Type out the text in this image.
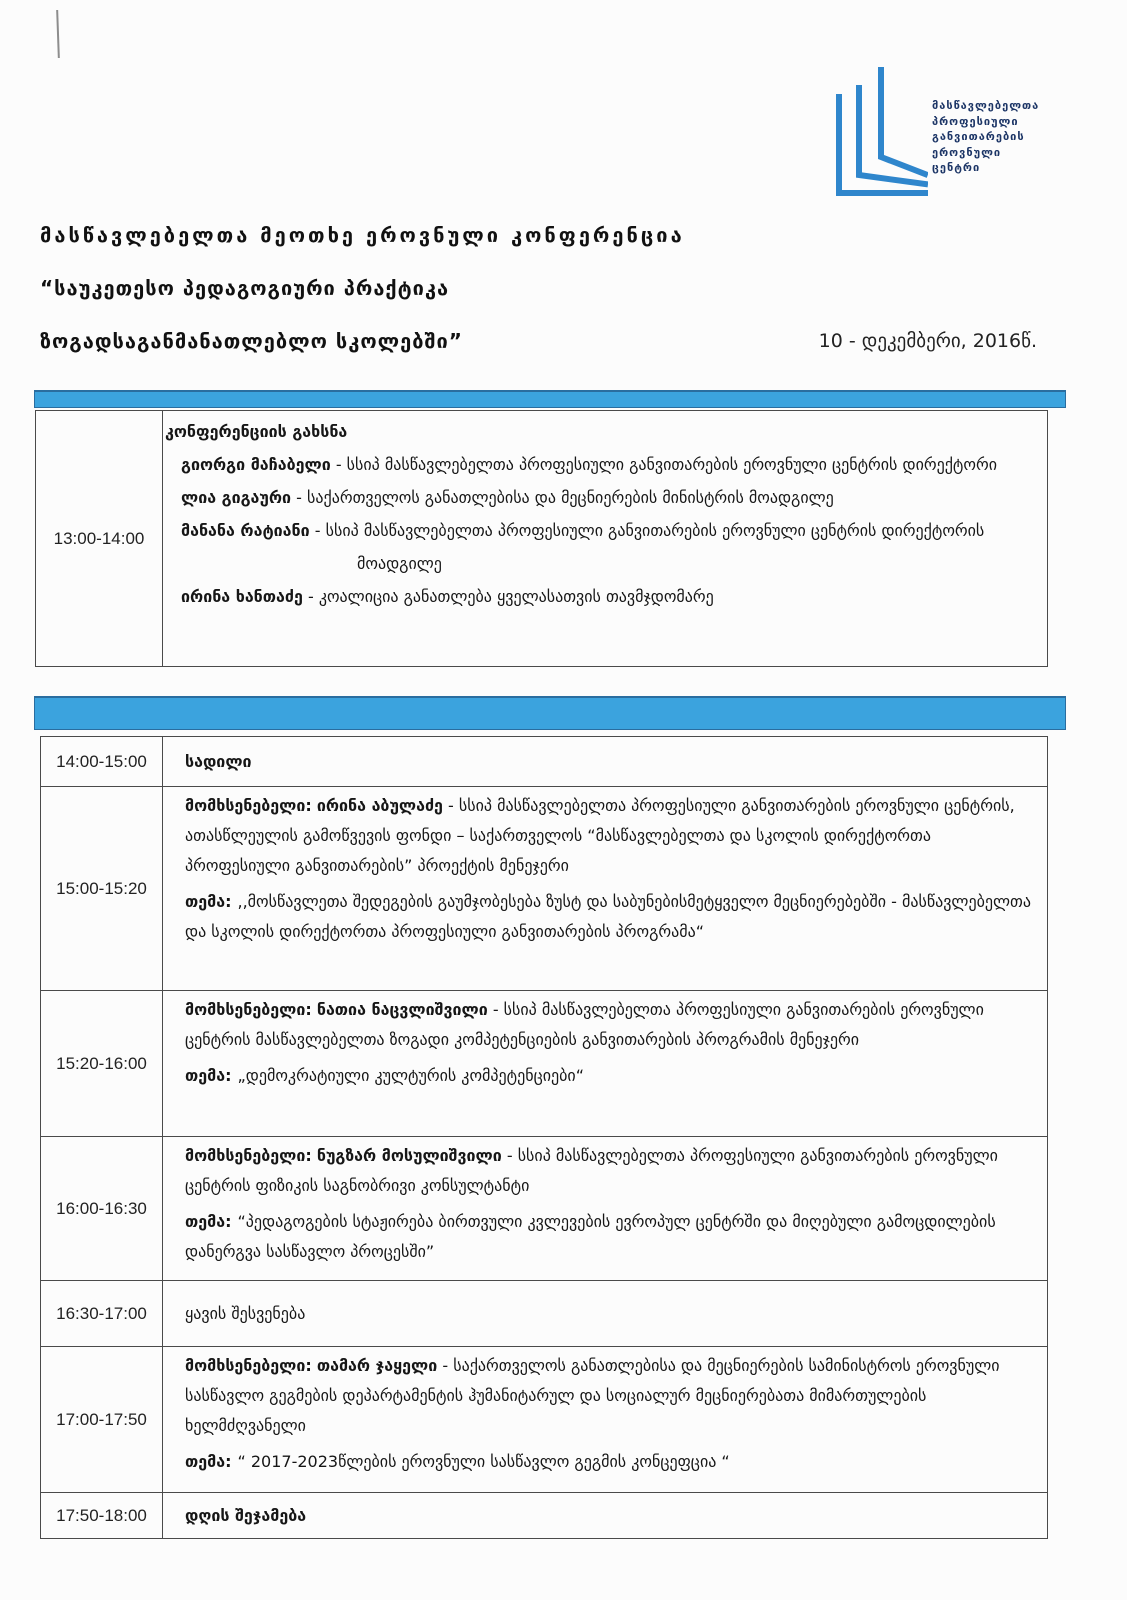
მასწავლებელთა
პროფესიული
განვითარების
ეროვნული
ცენტრი
მასწავლებელთა მეოთხე ეროვნული კონფერენცია
“საუკეთესო პედაგოგიური პრაქტიკა
ზოგადსაგანმანათლებლო სკოლებში”	10 - დეკემბერი, 2016წ.
13:00-14:00	
კონფერენციის გახსნა

გიორგი მაჩაბელი - სსიპ მასწავლებელთა პროფესიული განვითარების ეროვნული ცენტრის დირექტორი

ლია გიგაური - საქართველოს განათლებისა და მეცნიერების მინისტრის მოადგილე

მანანა რატიანი - სსიპ მასწავლებელთა პროფესიული განვითარების ეროვნული ცენტრის დირექტორის მოადგილე

ირინა ხანთაძე - კოალიცია განათლება ყველასათვის თავმჯდომარე

14:00-15:00	სადილი
15:00-15:20	მომხსენებელი: ირინა აბულაძე - სსიპ მასწავლებელთა პროფესიული განვითარების ეროვნული ცენტრის, ათასწლეულის გამოწვევის ფონდი – საქართველოს “მასწავლებელთა და სკოლის დირექტორთა პროფესიული განვითარების” პროექტის მენეჯერი

თემა: ,,მოსწავლეთა შედეგების გაუმჯობესება ზუსტ და საბუნებისმეტყველო მეცნიერებებში - მასწავლებელთა და სკოლის დირექტორთა პროფესიული განვითარების პროგრამა“

15:20-16:00	მომხსენებელი: ნათია ნაცვლიშვილი - სსიპ მასწავლებელთა პროფესიული განვითარების ეროვნული ცენტრის მასწავლებელთა ზოგადი კომპეტენციების განვითარების პროგრამის მენეჯერი

თემა: „დემოკრატიული კულტურის კომპეტენციები“

16:00-16:30	მომხსენებელი: ნუგზარ მოსულიშვილი - სსიპ მასწავლებელთა პროფესიული განვითარების ეროვნული ცენტრის ფიზიკის საგნობრივი კონსულტანტი

თემა: “პედაგოგების სტაჟირება ბირთვული კვლევების ევროპულ ცენტრში და მიღებული გამოცდილების დანერგვა სასწავლო პროცესში”

16:30-17:00	ყავის შესვენება
17:00-17:50	მომხსენებელი: თამარ ჯაყელი - საქართველოს განათლებისა და მეცნიერების სამინისტროს ეროვნული სასწავლო გეგმების დეპარტამენტის ჰუმანიტარულ და სოციალურ მეცნიერებათა მიმართულების ხელმძღვანელი

თემა: “ 2017-2023წლების ეროვნული სასწავლო გეგმის კონცეფცია “

17:50-18:00	დღის შეჯამება
